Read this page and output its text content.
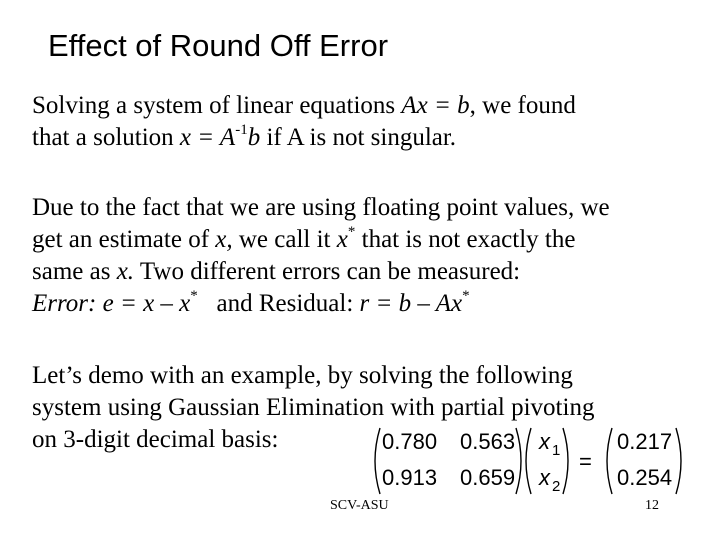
Effect of Round Off Error
Solving a system of linear equations Ax = b, we found
that a solution $x = A^{-1}b$ if A is not singular.
Due to the fact that we are using floating point values, we
get an estimate of x, we call it x* that is not exactly the
same as x. Two different errors can be measured:
Error: e = x – x*   and Residual: r = b – Ax*
Let’s demo with an example, by solving the following
system using Gaussian Elimination with partial pivoting
on 3-digit decimal basis:	0.780 0.563
0.913 0.659
x 1
x 2
=
0.217
0.254
SCV-ASU	12
